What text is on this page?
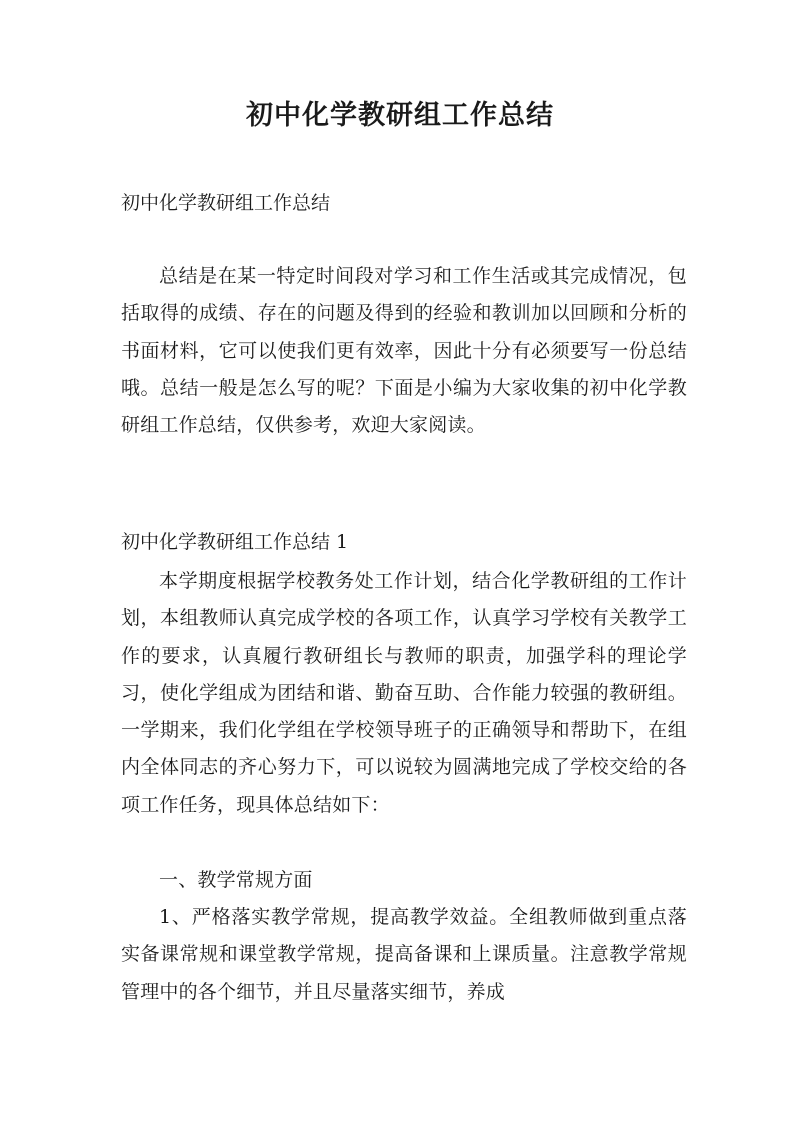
初中化学教研组工作总结

初中化学教研组工作总结

总结是在某一特定时间段对学习和工作生活或其完成情况，包括取得的成绩、存在的问题及得到的经验和教训加以回顾和分析的书面材料，它可以使我们更有效率，因此十分有必须要写一份总结哦。总结一般是怎么写的呢？下面是小编为大家收集的初中化学教研组工作总结，仅供参考，欢迎大家阅读。

初中化学教研组工作总结 1

本学期度根据学校教务处工作计划，结合化学教研组的工作计划，本组教师认真完成学校的各项工作，认真学习学校有关教学工作的要求，认真履行教研组长与教师的职责，加强学科的理论学习，使化学组成为团结和谐、勤奋互助、合作能力较强的教研组。一学期来，我们化学组在学校领导班子的正确领导和帮助下，在组内全体同志的齐心努力下，可以说较为圆满地完成了学校交给的各项工作任务，现具体总结如下：

一、教学常规方面

1、严格落实教学常规，提高教学效益。全组教师做到重点落实备课常规和课堂教学常规，提高备课和上课质量。注意教学常规管理中的各个细节，并且尽量落实细节，养成
